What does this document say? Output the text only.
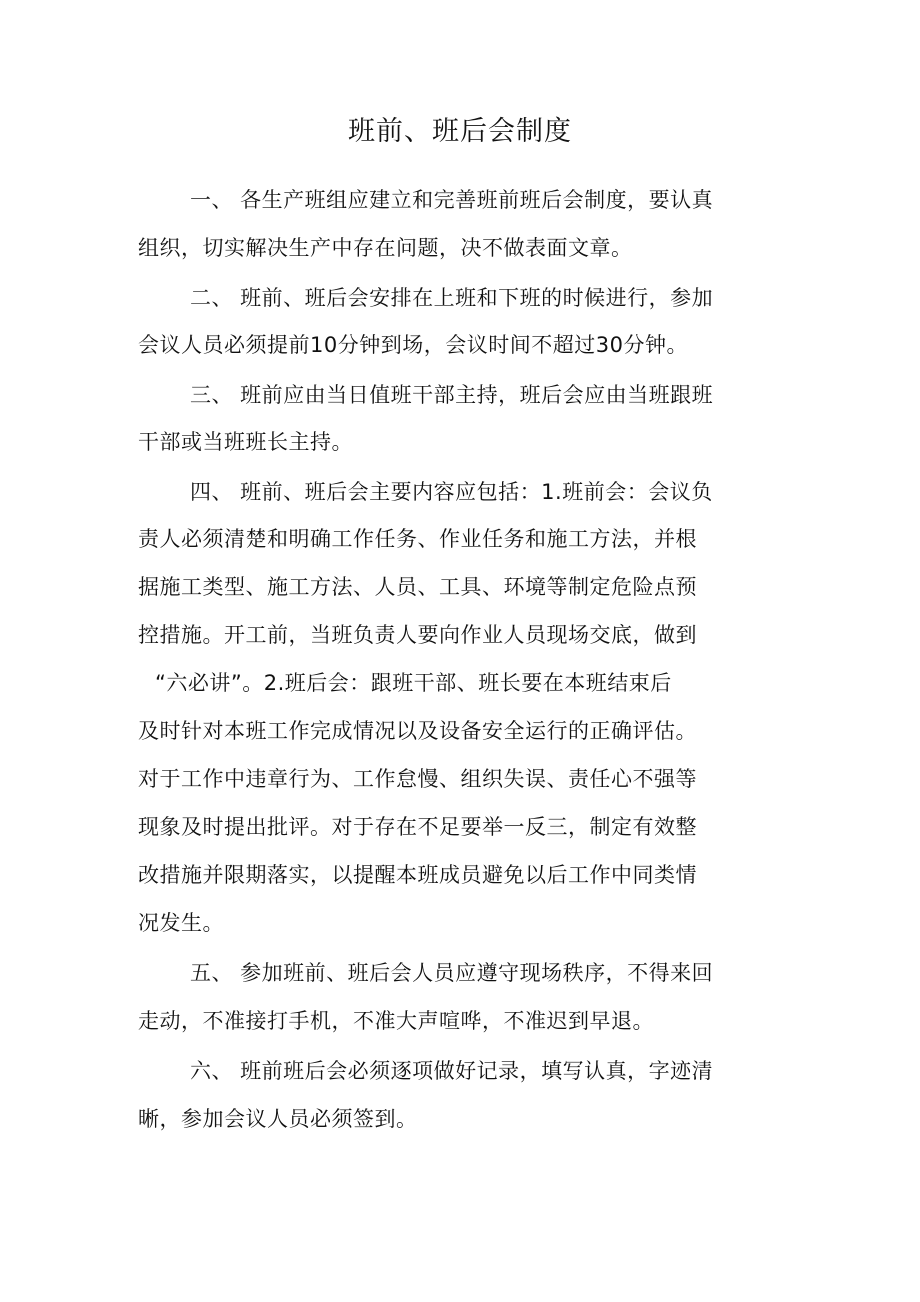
班前、班后会制度

一、 各生产班组应建立和完善班前班后会制度，要认真

组织，切实解决生产中存在问题，决不做表面文章。

二、 班前、班后会安排在上班和下班的时候进行，参加

会议人员必须提前10分钟到场，会议时间不超过30分钟。

三、 班前应由当日值班干部主持，班后会应由当班跟班

干部或当班班长主持。

四、 班前、班后会主要内容应包括：1.班前会：会议负

责人必须清楚和明确工作任务、作业任务和施工方法，并根

据施工类型、施工方法、人员、工具、环境等制定危险点预

控措施。开工前，当班负责人要向作业人员现场交底，做到

“六必讲”。2.班后会：跟班干部、班长要在本班结束后

及时针对本班工作完成情况以及设备安全运行的正确评估。

对于工作中违章行为、工作怠慢、组织失误、责任心不强等

现象及时提出批评。对于存在不足要举一反三，制定有效整

改措施并限期落实，以提醒本班成员避免以后工作中同类情

况发生。

五、 参加班前、班后会人员应遵守现场秩序，不得来回

走动，不准接打手机，不准大声喧哗，不准迟到早退。

六、 班前班后会必须逐项做好记录，填写认真，字迹清

晰，参加会议人员必须签到。
